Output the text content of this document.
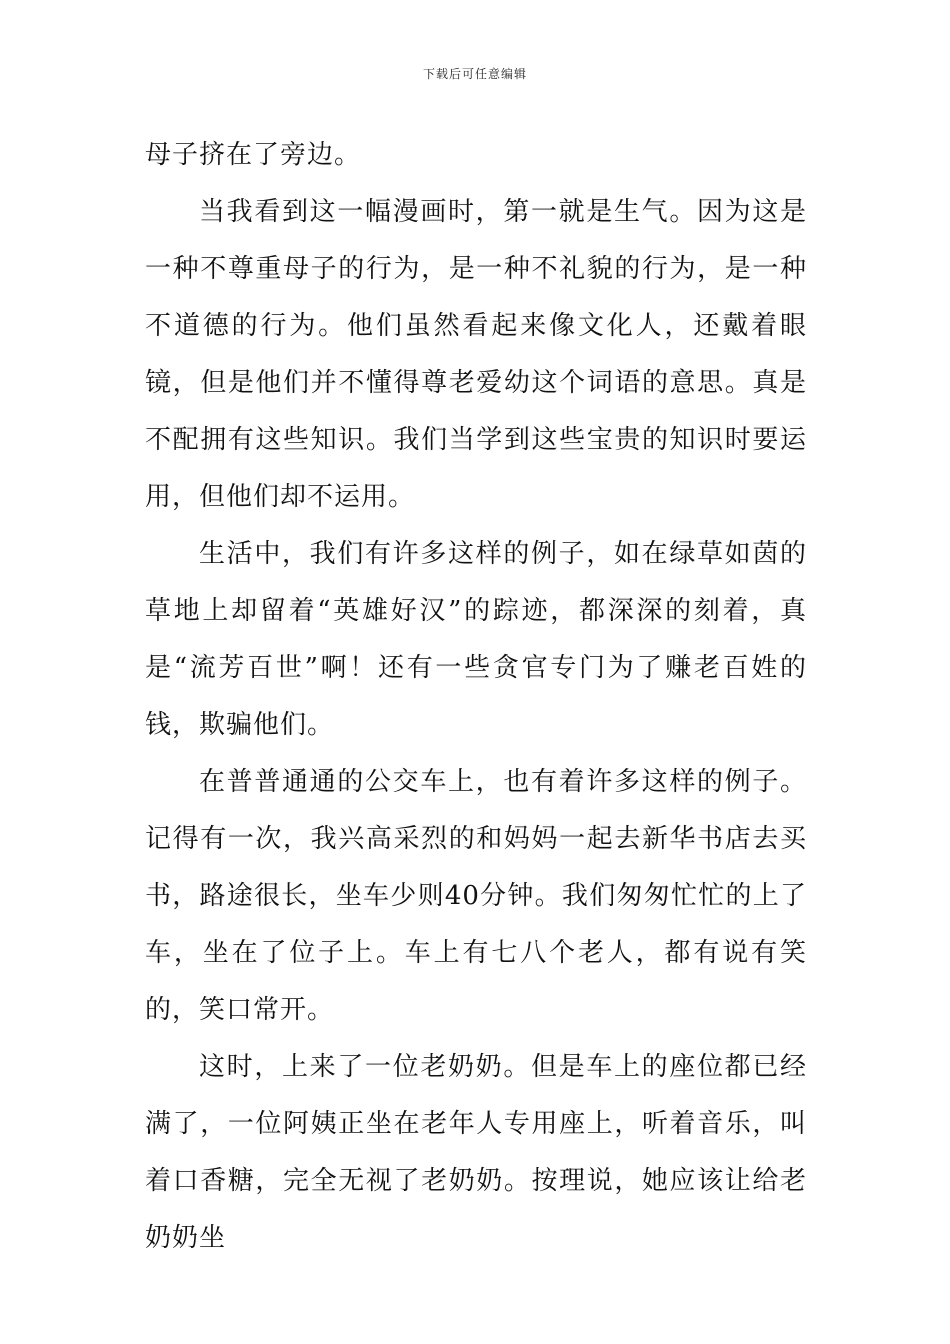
下载后可任意编辑

母子挤在了旁边。

当我看到这一幅漫画时，第一就是生气。因为这是一种不尊重母子的行为，是一种不礼貌的行为，是一种不道德的行为。他们虽然看起来像文化人，还戴着眼镜，但是他们并不懂得尊老爱幼这个词语的意思。真是不配拥有这些知识。我们当学到这些宝贵的知识时要运用，但他们却不运用。

生活中，我们有许多这样的例子，如在绿草如茵的草地上却留着“英雄好汉”的踪迹，都深深的刻着，真是“流芳百世”啊！还有一些贪官专门为了赚老百姓的钱，欺骗他们。

在普普通通的公交车上，也有着许多这样的例子。记得有一次，我兴高采烈的和妈妈一起去新华书店去买书，路途很长，坐车少则40分钟。我们匆匆忙忙的上了车，坐在了位子上。车上有七八个老人，都有说有笑的，笑口常开。

这时，上来了一位老奶奶。但是车上的座位都已经满了，一位阿姨正坐在老年人专用座上，听着音乐，叫着口香糖，完全无视了老奶奶。按理说，她应该让给老奶奶坐
